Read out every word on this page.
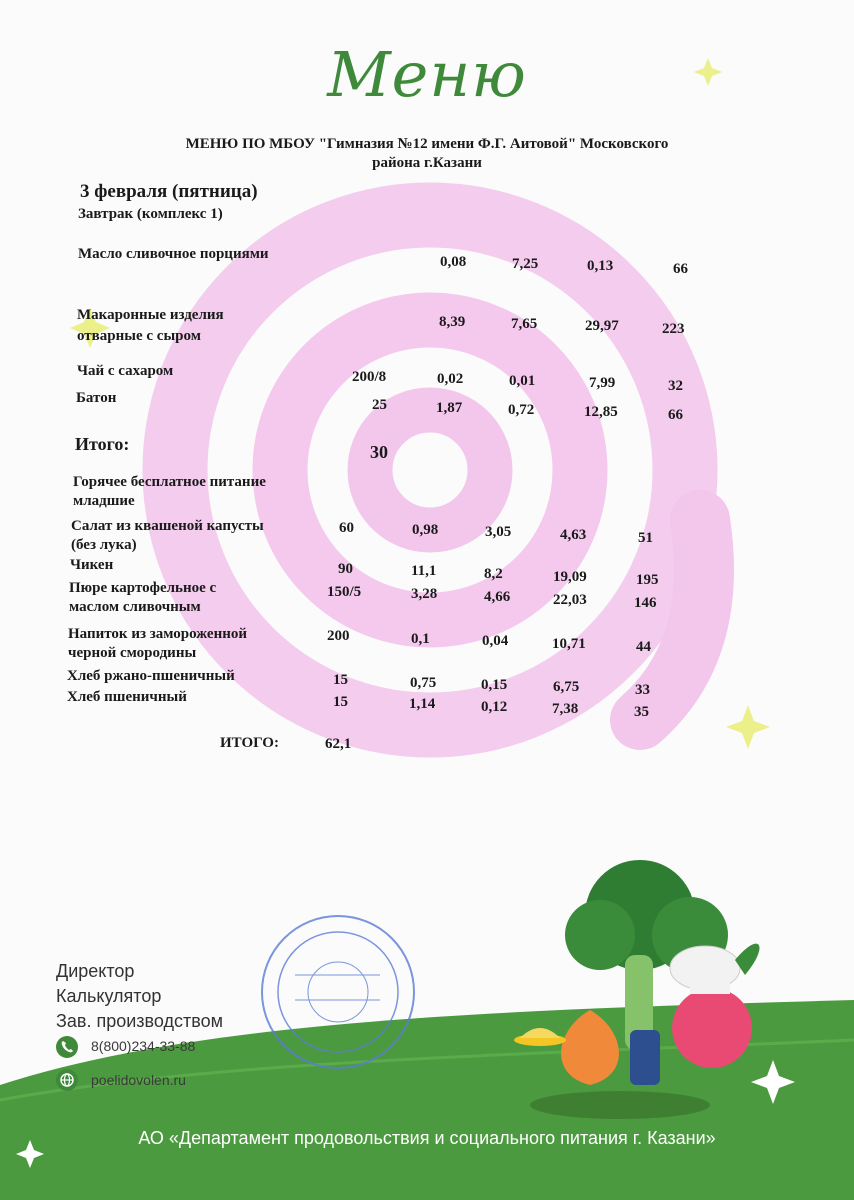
Меню
МЕНЮ ПО МБОУ "Гимназия №12 имени Ф.Г. Аитовой" Московского
района г.Казани
3 февраля (пятница)
Завтрак (комплекс 1)
Масло сливочное порциями	0,08	7,25	0,13	66
Макаронные изделия
отварные с сыром
8,39	7,65	29,97	223
Чай с сахаром	200/8	0,02	0,01	7,99	32
Батон	25	1,87	0,72	12,85	66
Итого:	30
Горячее бесплатное питание
младшие
Салат из квашеной капусты
(без лука)
60	0,98	3,05	4,63	51
Чикен	90	11,1	8,2	19,09	195
Пюре картофельное с
маслом сливочным
150/5	3,28	4,66	22,03	146
Напиток из замороженной
черной смородины
200	0,1	0,04	10,71	44
Хлеб ржано-пшеничный	15	0,75	0,15	6,75	33
Хлеб пшеничный	15	1,14	0,12	7,38	35
ИТОГО:	62,1
Директор
Калькулятор
Зав. производством
8(800)234-33-88
poelidovolen.ru
АО «Департамент продовольствия и социального питания г. Казани»
